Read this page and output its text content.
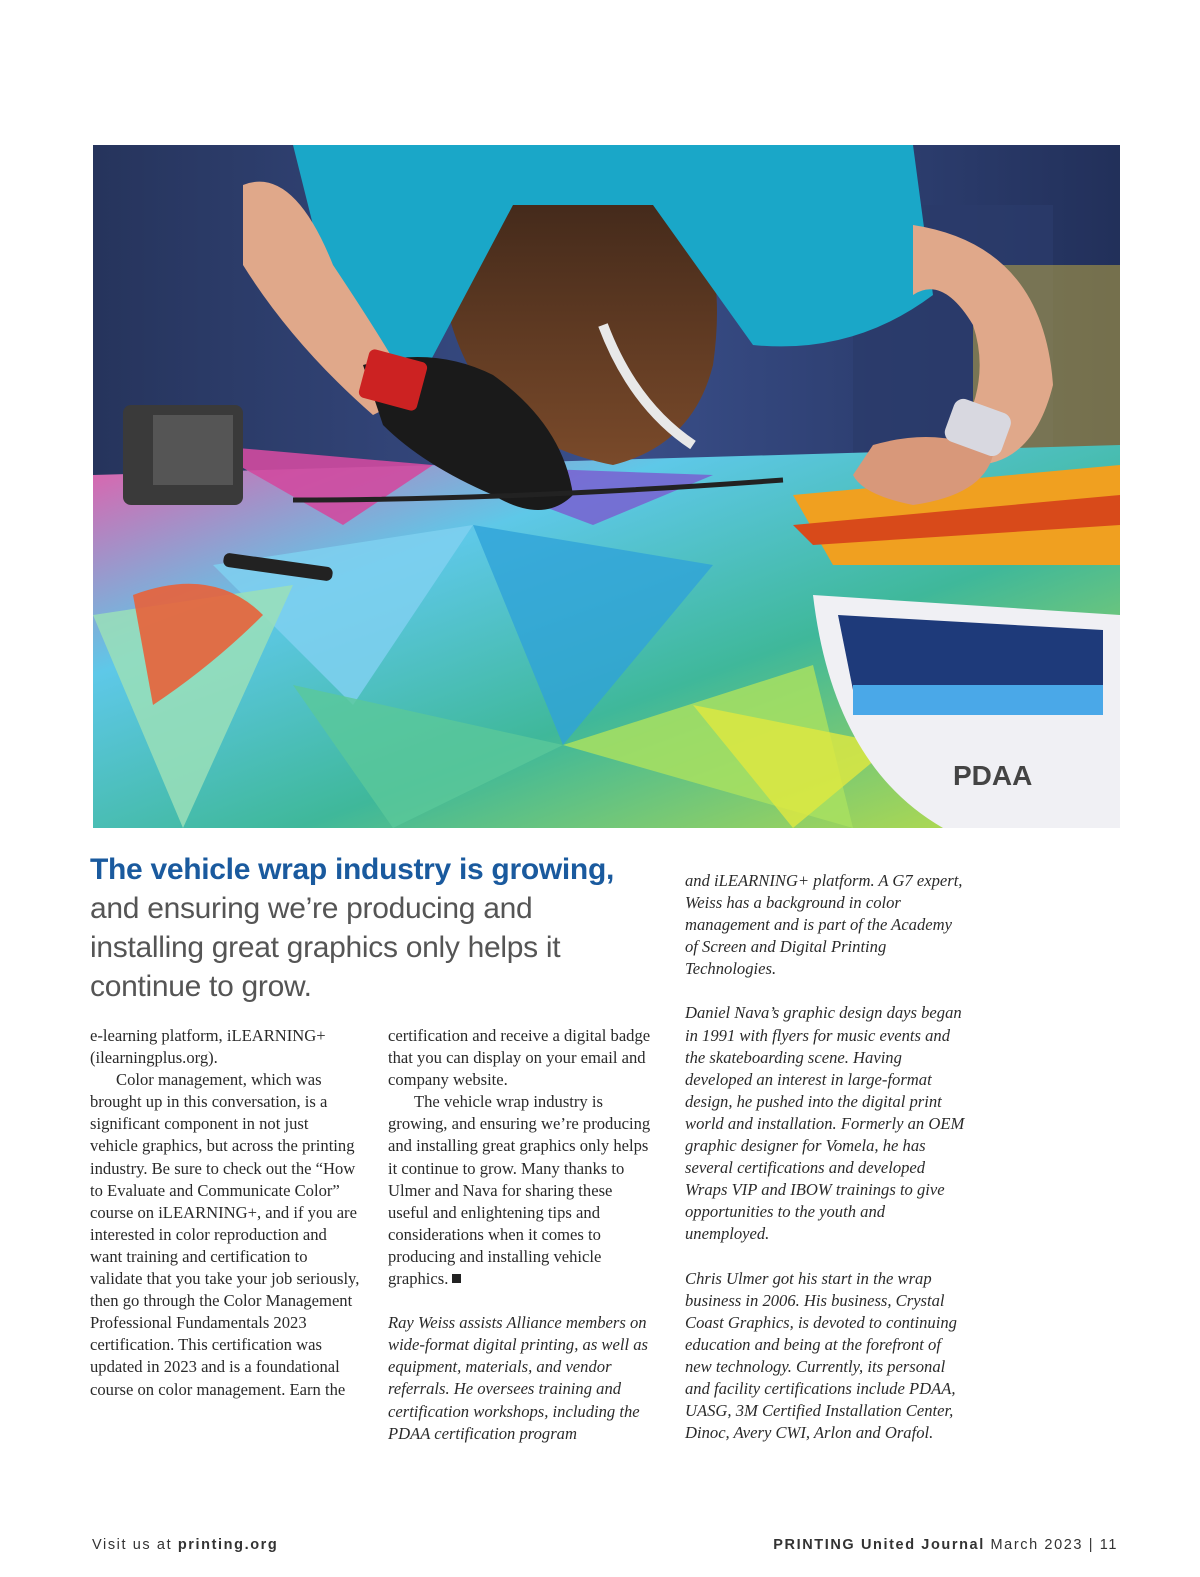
PDAA
The vehicle wrap industry is growing,
and ensuring we’re producing and installing great graphics only helps it continue to grow.

e-learning platform, iLEARNING+ (ilearningplus.org).

Color management, which was brought up in this conversation, is a significant component in not just vehicle graphics, but across the printing industry. Be sure to check out the “How to Evaluate and Communicate Color” course on iLEARNING+, and if you are interested in color reproduction and want training and certification to validate that you take your job seriously, then go through the Color Management Professional Fundamentals 2023 certification. This certification was updated in 2023 and is a foundational course on color management. Earn the

certification and receive a digital badge that you can display on your email and company website.

The vehicle wrap industry is growing, and ensuring we’re producing and installing great graphics only helps it continue to grow. Many thanks to Ulmer and Nava for sharing these useful and enlightening tips and considerations when it comes to producing and installing vehicle graphics.

Ray Weiss assists Alliance members on wide-format digital printing, as well as equipment, materials, and vendor referrals. He oversees training and certification workshops, including the PDAA certification program

and iLEARNING+ platform. A G7 expert, Weiss has a background in color management and is part of the Academy of Screen and Digital Printing Technologies.

Daniel Nava’s graphic design days began in 1991 with flyers for music events and the skateboarding scene. Having developed an interest in large-format design, he pushed into the digital print world and installation. Formerly an OEM graphic designer for Vomela, he has several certifications and developed Wraps VIP and IBOW trainings to give opportunities to the youth and unemployed.

Chris Ulmer got his start in the wrap business in 2006. His business, Crystal Coast Graphics, is devoted to continuing education and being at the forefront of new technology. Currently, its personal and facility certifications include PDAA, UASG, 3M Certified Installation Center, Dinoc, Avery CWI, Arlon and Orafol.

Visit us at printing.org	PRINTING United Journal March 2023 | 11
